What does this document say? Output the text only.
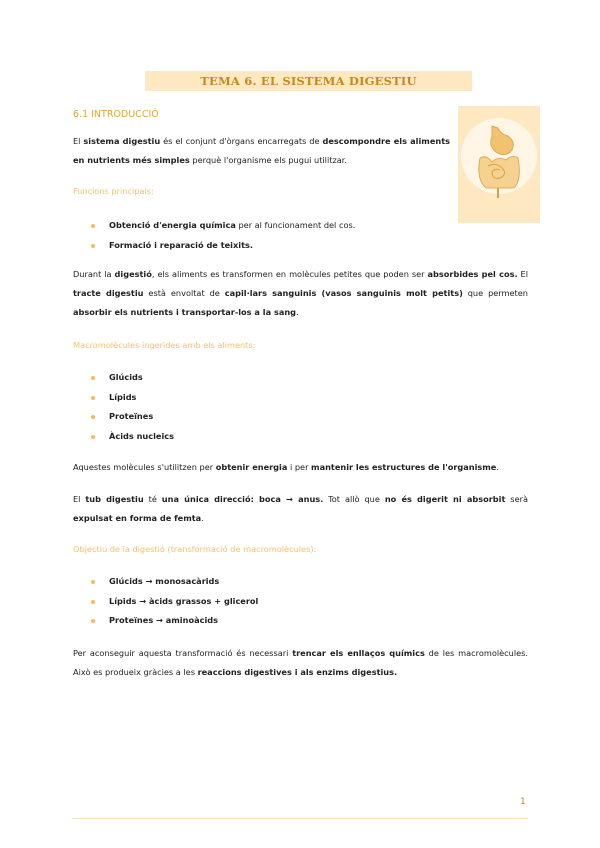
TEMA 6. EL SISTEMA DIGESTIU
6.1 INTRODUCCIÓ
El sistema digestiu és el conjunt d'òrgans encarregats de descompondre els aliments en nutrients més simples perquè l'organisme els pugui utilitzar.
Funcions principals:
Obtenció d'energia química per al funcionament del cos.
Formació i reparació de teixits.
Durant la digestió, els aliments es transformen en molècules petites que poden ser absorbides pel cos. El tracte digestiu està envoltat de capil·lars sanguinis (vasos sanguinis molt petits) que permeten absorbir els nutrients i transportar-los a la sang.
Macromolècules ingerides amb els aliments:
Glúcids
Lípids
Proteïnes
Àcids nucleics
Aquestes molècules s'utilitzen per obtenir energia i per mantenir les estructures de l'organisme.
El tub digestiu té una única direcció: boca → anus. Tot allò que no és digerit ni absorbit serà expulsat en forma de femta.
Objectiu de la digestió (transformació de macromolècules):
Glúcids → monosacàrids
Lípids → àcids grassos + glicerol
Proteïnes → aminoàcids
Per aconseguir aquesta transformació és necessari trencar els enllaços químics de les macromolècules. Això es produeix gràcies a les reaccions digestives i als enzims digestius.
1
